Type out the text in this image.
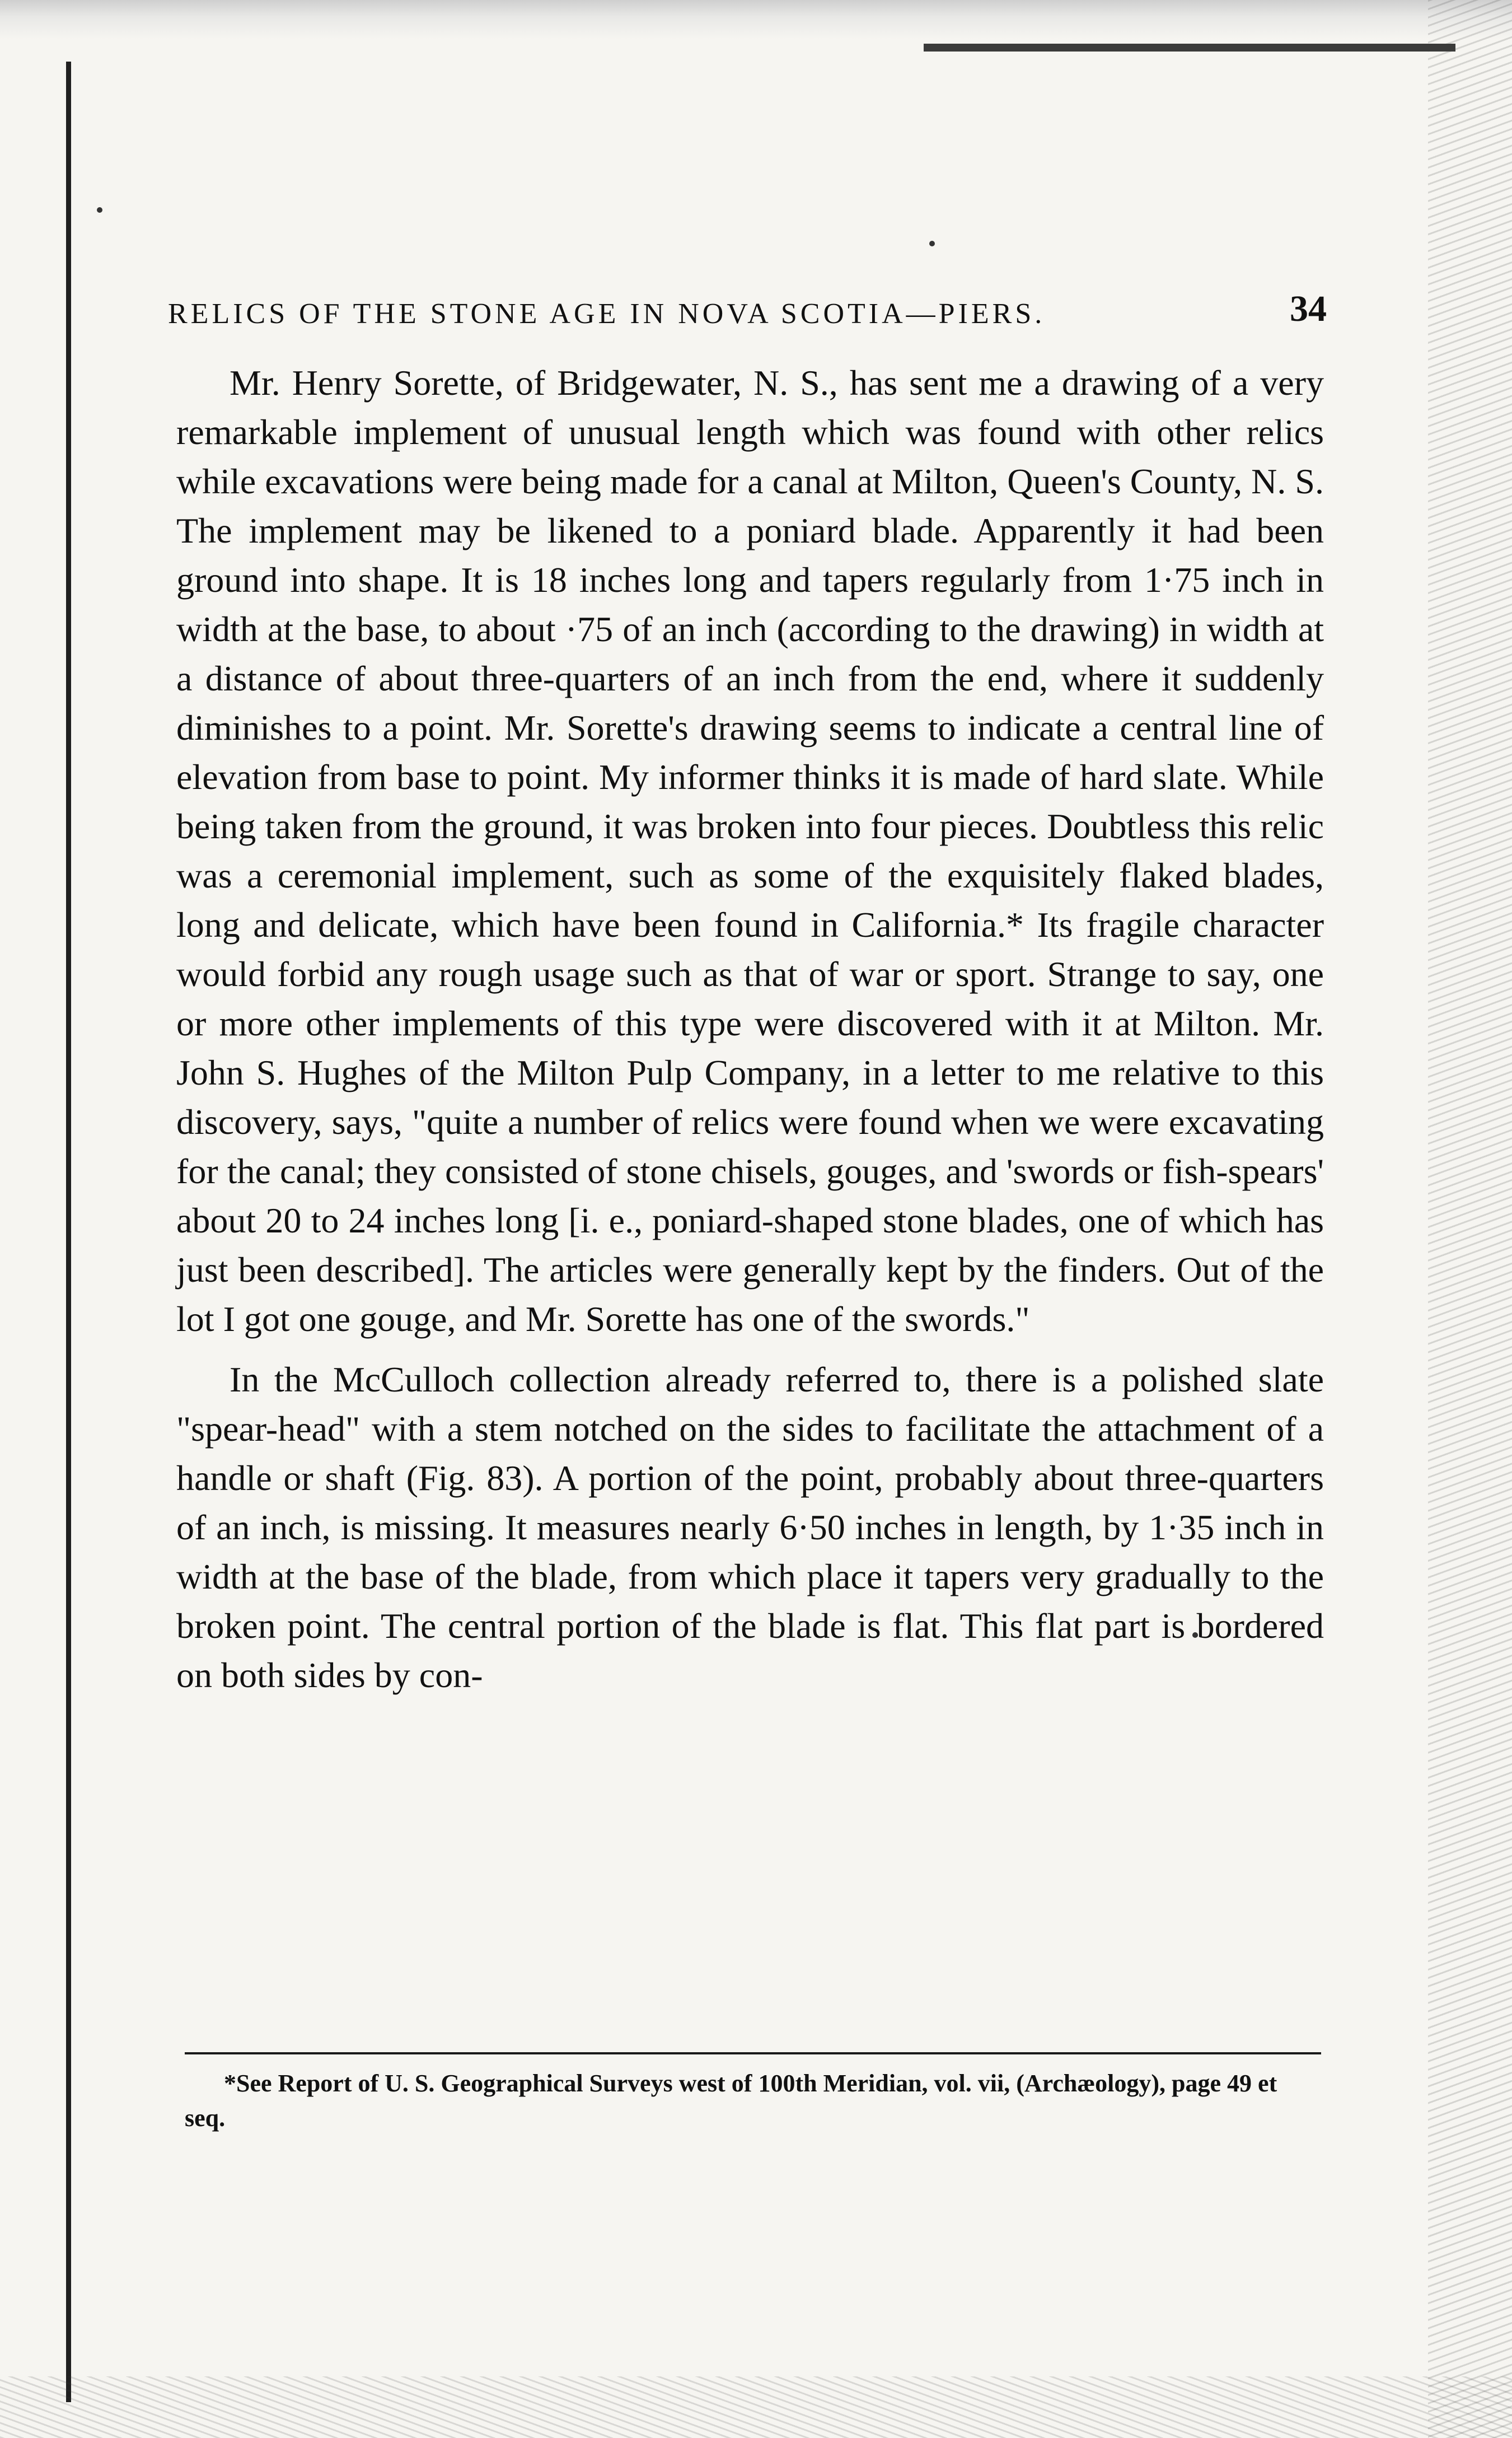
RELICS OF THE STONE AGE IN NOVA SCOTIA—PIERS.	34

Mr. Henry Sorette, of Bridgewater, N. S., has sent me a drawing of a very remarkable implement of unusual length which was found with other relics while excavations were being made for a canal at Milton, Queen's County, N. S. The implement may be likened to a poniard blade. Apparently it had been ground into shape. It is 18 inches long and tapers regularly from 1·75 inch in width at the base, to about ·75 of an inch (according to the drawing) in width at a distance of about three-quarters of an inch from the end, where it suddenly diminishes to a point. Mr. Sorette's drawing seems to indicate a central line of elevation from base to point. My informer thinks it is made of hard slate. While being taken from the ground, it was broken into four pieces. Doubtless this relic was a ceremonial implement, such as some of the exquisitely flaked blades, long and delicate, which have been found in California.* Its fragile character would forbid any rough usage such as that of war or sport. Strange to say, one or more other implements of this type were discovered with it at Milton. Mr. John S. Hughes of the Milton Pulp Company, in a letter to me relative to this discovery, says, "quite a number of relics were found when we were excavating for the canal; they consisted of stone chisels, gouges, and 'swords or fish-spears' about 20 to 24 inches long [i. e., poniard-shaped stone blades, one of which has just been described]. The articles were generally kept by the finders. Out of the lot I got one gouge, and Mr. Sorette has one of the swords."

In the McCulloch collection already referred to, there is a polished slate "spear-head" with a stem notched on the sides to facilitate the attachment of a handle or shaft (Fig. 83). A portion of the point, probably about three-quarters of an inch, is missing. It measures nearly 6·50 inches in length, by 1·35 inch in width at the base of the blade, from which place it tapers very gradually to the broken point. The central portion of the blade is flat. This flat part is bordered on both sides by con-

*See Report of U. S. Geographical Surveys west of 100th Meridian, vol. vii, (Archæology), page 49 et seq.
